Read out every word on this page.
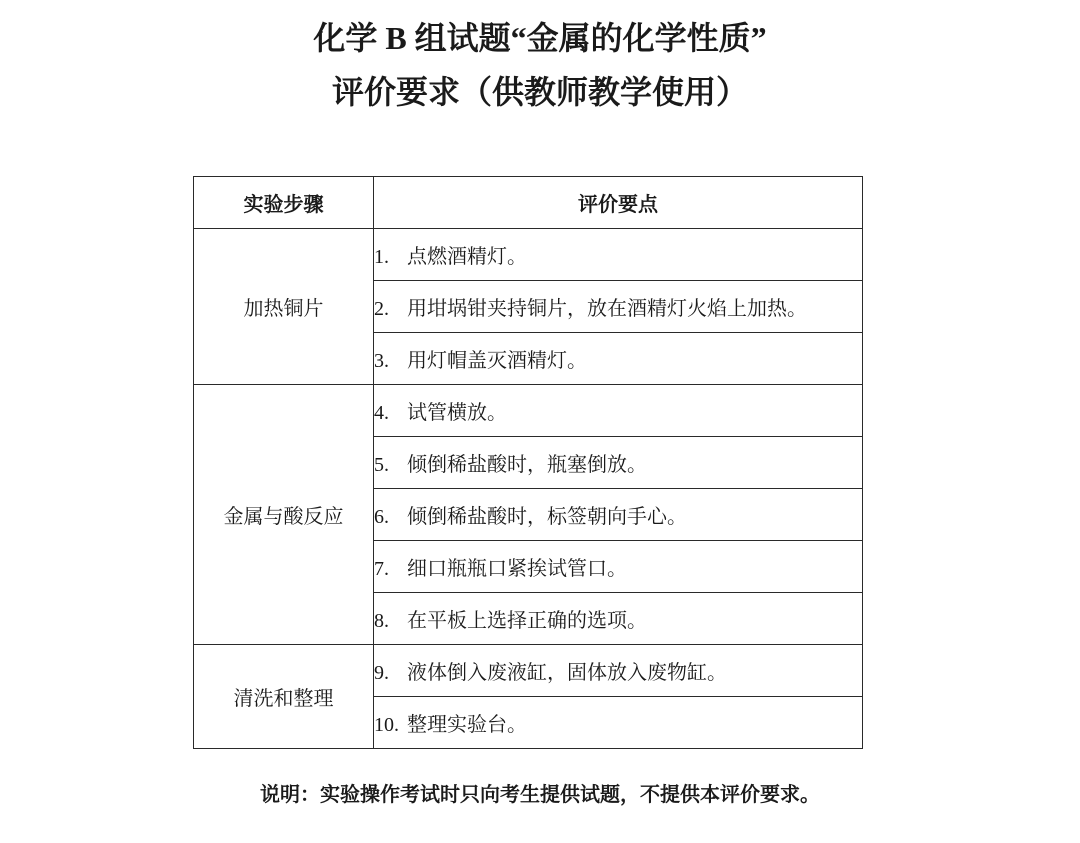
化学 B 组试题“金属的化学性质”
评价要求（供教师教学使用）
实验步骤	评价要点
加热铜片	1. 点燃酒精灯。
	2. 用坩埚钳夹持铜片，放在酒精灯火焰上加热。
	3. 用灯帽盖灭酒精灯。
金属与酸反应	4. 试管横放。
	5. 倾倒稀盐酸时，瓶塞倒放。
	6. 倾倒稀盐酸时，标签朝向手心。
	7. 细口瓶瓶口紧挨试管口。
	8. 在平板上选择正确的选项。
清洗和整理	9. 液体倒入废液缸，固体放入废物缸。
	10. 整理实验台。
说明：实验操作考试时只向考生提供试题，不提供本评价要求。
